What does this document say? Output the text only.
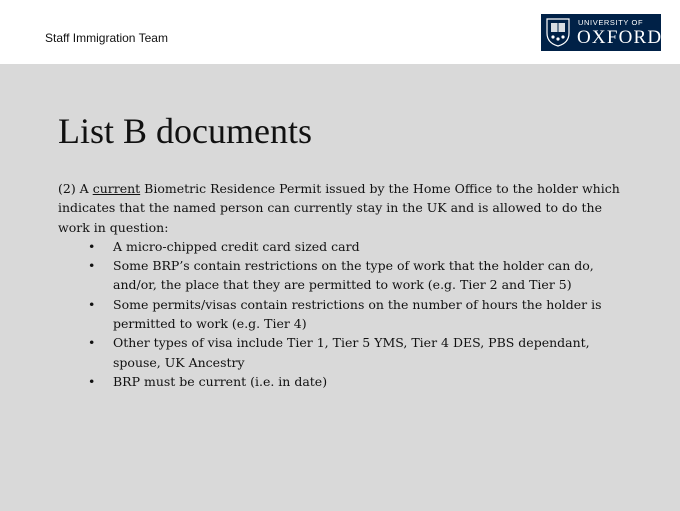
Staff Immigration Team
UNIVERSITY OF
OXFORD
List B documents

(2) A current Biometric Residence Permit issued by the Home Office to the holder which indicates that the named person can currently stay in the UK and is allowed to do the work in question:

• A micro-chipped credit card sized card
• Some BRP’s contain restrictions on the type of work that the holder can do, and/or, the place that they are permitted to work (e.g. Tier 2 and Tier 5)
• Some permits/visas contain restrictions on the number of hours the holder is permitted to work (e.g. Tier 4)
• Other types of visa include Tier 1, Tier 5 YMS, Tier 4 DES, PBS dependant, spouse, UK Ancestry
• BRP must be current (i.e. in date)
